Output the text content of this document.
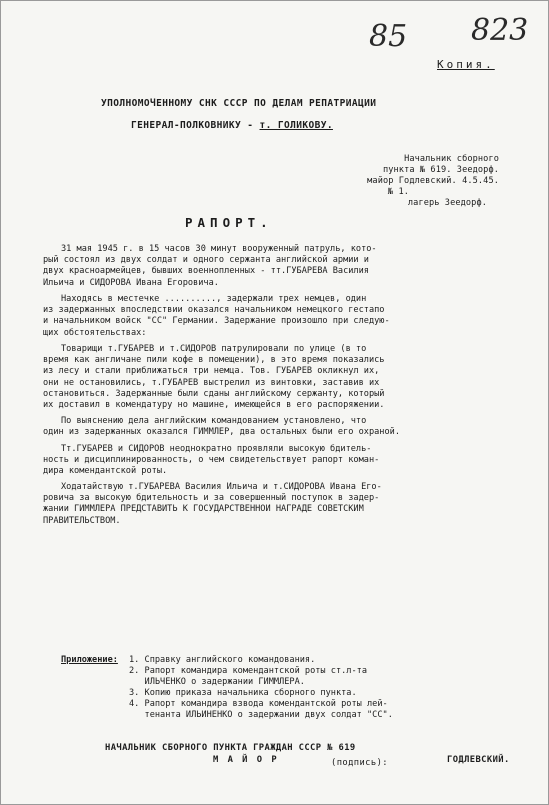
85 823
Копия.
УПОЛНОМОЧЕННОМУ СНК СССР ПО ДЕЛАМ РЕПАТРИАЦИИ
ГЕНЕРАЛ-ПОЛКОВНИКУ - т. ГОЛИКОВУ.
Начальник сборного
пункта № 619. Зеедорф.
майор Годлевский. 4.5.45.
№ 1.
лагерь Зеедорф.
РАПОРТ.
31 мая 1945 г. в 15 часов 30 минут вооруженный патруль, кото-
рый состоял из двух солдат и одного сержанта английской армии и
двух красноармейцев, бывших военнопленных - тт.ГУБАРЕВА Василия
Ильича и СИДОРОВА Ивана Егоровича.
Находясь в местечке .........., задержали трех немцев, один
из задержанных впоследствии оказался начальником немецкого гестапо
и начальником войск "СС" Германии. Задержание произошло при следую-
щих обстоятельствах:
Товарищи т.ГУБАРЕВ и т.СИДОРОВ патрулировали по улице (в то
время как англичане пили кофе в помещении), в это время показались
из лесу и стали приближаться три немца. Тов. ГУБАРЕВ окликнул их,
они не остановились, т.ГУБАРЕВ выстрелил из винтовки, заставив их
остановиться. Задержанные были сданы английскому сержанту, который
их доставил в комендатуру но машине, имеющейся в его распоряжении.
По выяснению дела английским командованием установлено, что
один из задержанных оказался ГИММЛЕР, два остальных были его охраной.
Тт.ГУБАРЕВ и СИДОРОВ неоднократно проявляли высокую бдитель-
ность и дисциплинированность, о чем свидетельствует рапорт коман-
дира комендантской роты.
Ходатайствую т.ГУБАРЕВА Василия Ильича и т.СИДОРОВА Ивана Его-
ровича за высокую бдительность и за совершенный поступок в задер-
жании ГИММЛЕРА ПРЕДСТАВИТЬ К ГОСУДАРСТВЕННОЙ НАГРАДЕ СОВЕТСКИМ
ПРАВИТЕЛЬСТВОМ.
Приложение: 1. Справку английского командования.
2. Рапорт командира комендантской роты ст.л-та
ИЛЬЧЕНКО о задержании ГИММЛЕРА.
3. Копию приказа начальника сборного пункта.
4. Рапорт командира взвода комендантской роты лей-
тенанта ИЛЬИНЕНКО о задержании двух солдат "СС".
НАЧАЛЬНИК СБОРНОГО ПУНКТА ГРАЖДАН СССР № 619
М А Й О Р	(подпись):	ГОДЛЕВСКИЙ.
